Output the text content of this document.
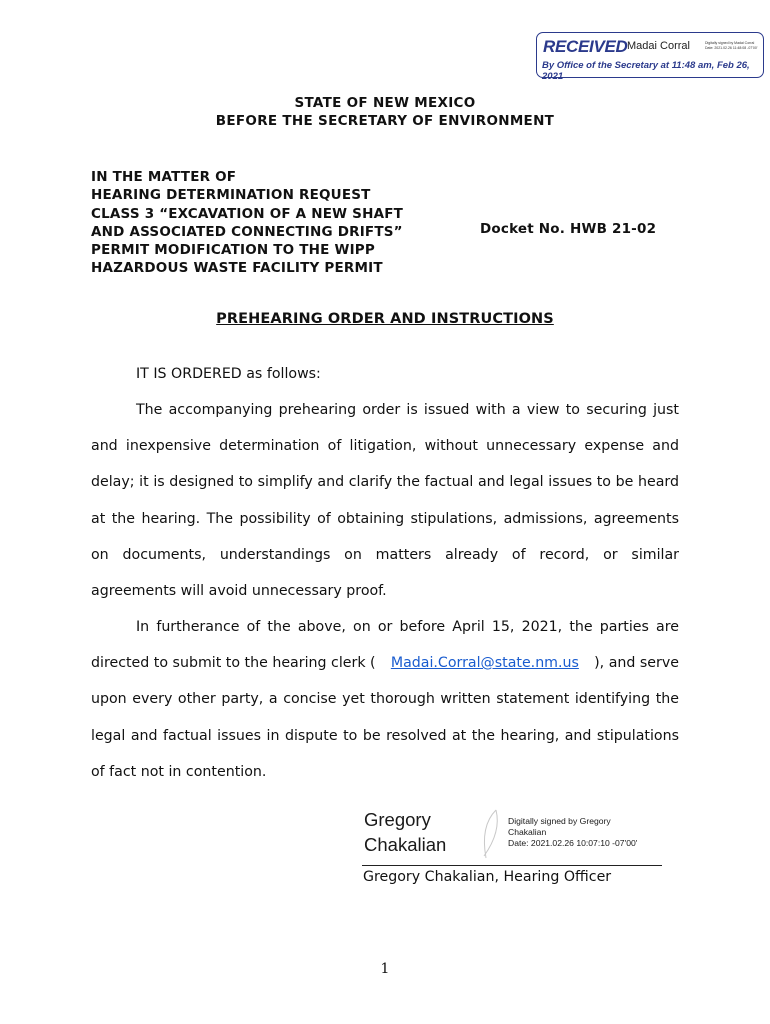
RECEIVED Madai Corral	Digitally signed by Madai Corral
Date: 2021.02.26 11:48:08 -07'00'
By Office of the Secretary at 11:48 am, Feb 26, 2021
STATE OF NEW MEXICO
BEFORE THE SECRETARY OF ENVIRONMENT
IN THE MATTER OF
HEARING DETERMINATION REQUEST
CLASS 3 “EXCAVATION OF A NEW SHAFT
AND ASSOCIATED CONNECTING DRIFTS”
PERMIT MODIFICATION TO THE WIPP
HAZARDOUS WASTE FACILITY PERMIT
Docket No. HWB 21-02
PREHEARING ORDER AND INSTRUCTIONS
IT IS ORDERED as follows:
The accompanying prehearing order is issued with a view to securing just
and inexpensive determination of litigation, without unnecessary expense and
delay; it is designed to simplify and clarify the factual and legal issues to be heard
at the hearing. The possibility of obtaining stipulations, admissions, agreements
on documents, understandings on matters already of record, or similar
agreements will avoid unnecessary proof.
In furtherance of the above, on or before April 15, 2021, the parties are
directed to submit to the hearing clerk ( Madai.Corral@state.nm.us ), and serve
upon every other party, a concise yet thorough written statement identifying the
legal and factual issues in dispute to be resolved at the hearing, and stipulations
of fact not in contention.
Gregory
Chakalian
Digitally signed by Gregory
Chakalian
Date: 2021.02.26 10:07:10 -07'00'
Gregory Chakalian, Hearing Officer
1
